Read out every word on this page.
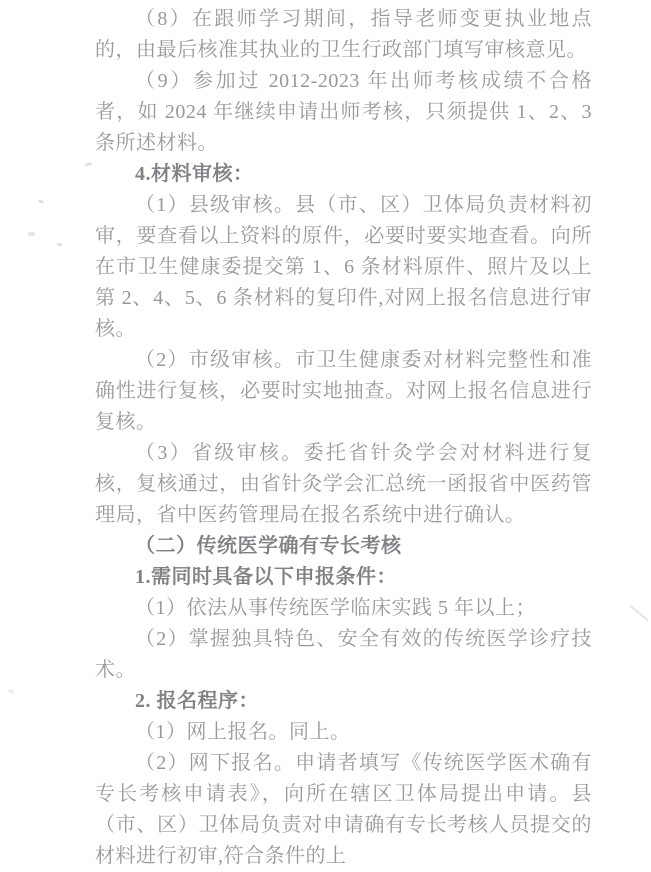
（8）在跟师学习期间，指导老师变更执业地点的，由最后核准其执业的卫生行政部门填写审核意见。

（9）参加过 2012-2023 年出师考核成绩不合格者，如 2024 年继续申请出师考核，只须提供 1、2、3 条所述材料。

4.材料审核：

（1）县级审核。县（市、区）卫体局负责材料初审，要查看以上资料的原件，必要时要实地查看。向所在市卫生健康委提交第 1、6 条材料原件、照片及以上第 2、4、5、6 条材料的复印件,对网上报名信息进行审核。

（2）市级审核。市卫生健康委对材料完整性和准确性进行复核，必要时实地抽查。对网上报名信息进行复核。

（3）省级审核。委托省针灸学会对材料进行复核，复核通过，由省针灸学会汇总统一函报省中医药管理局，省中医药管理局在报名系统中进行确认。

（二）传统医学确有专长考核

1.需同时具备以下申报条件：

（1）依法从事传统医学临床实践 5 年以上；

（2）掌握独具特色、安全有效的传统医学诊疗技术。

2. 报名程序：

（1）网上报名。同上。

（2）网下报名。申请者填写《传统医学医术确有专长考核申请表》，向所在辖区卫体局提出申请。县（市、区）卫体局负责对申请确有专长考核人员提交的材料进行初审,符合条件的上
